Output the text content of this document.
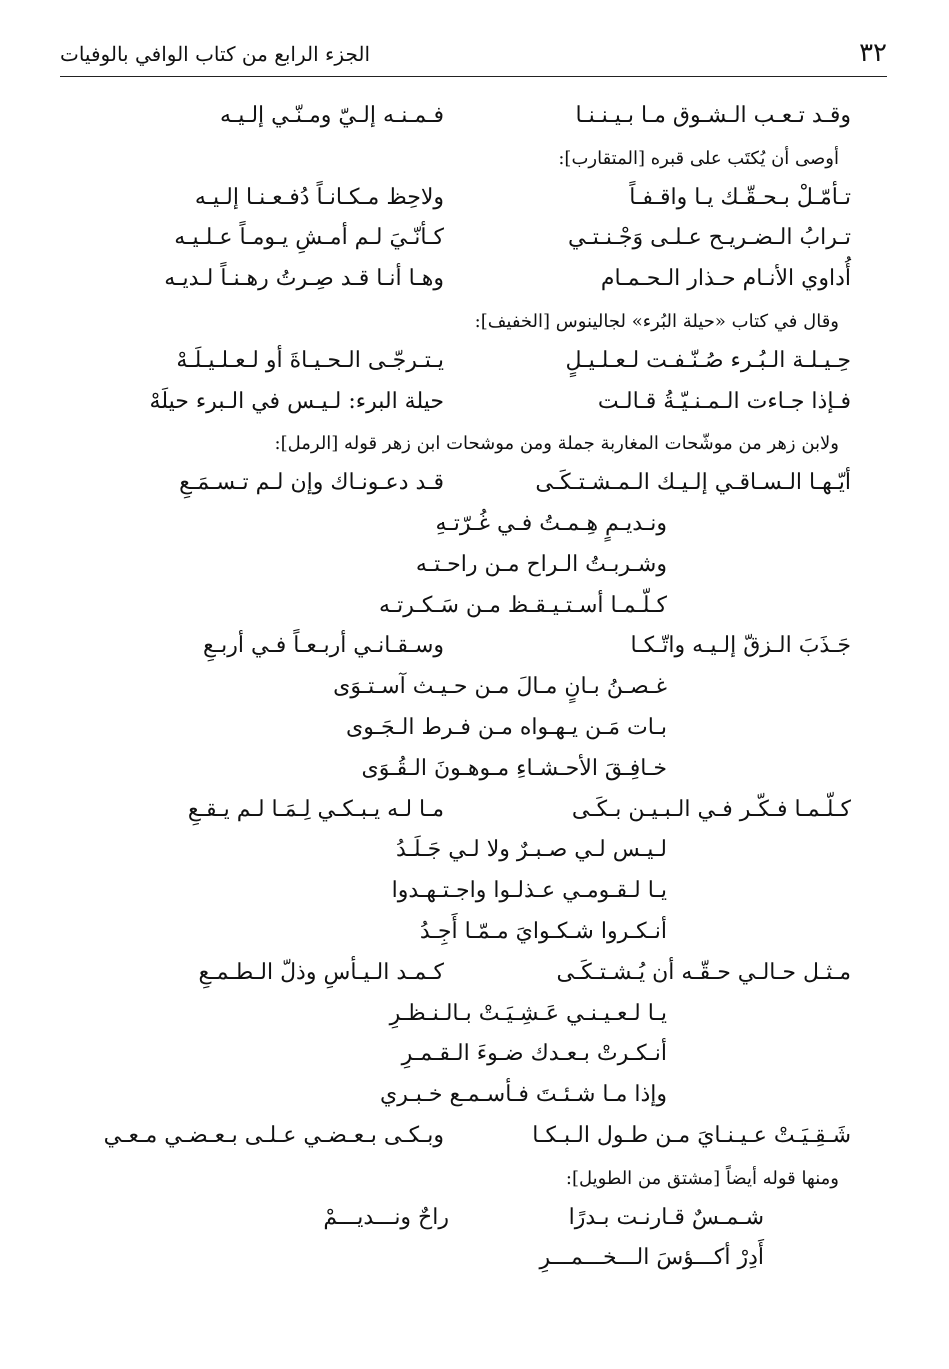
٣٢
الجزء الرابع من كتاب الوافي بالوفيات
وقـد تـعـب الـشـوق مـا بـيـنـنـا
فـمـنـه إلـيّ ومـنّـي إلـيـه
أوصى أن يُكتَب على قبره [المتقارب]:
تـأمّـلْ بـحـقّـك يـا واقـفـاً
ولاحِظ مـكـانـاً دُفـعـنـا إلـيـه
تـرابُ الـضـريـح عـلـى وَجْـنـتـي
كـأنّـيَ لـم أمـشِ يـومـاً عـلـيـه
أُداوي الأنـام حـذار الـحـمـام
وهـا أنـا قـد صِـرتُ رهـنـاً لـديـه
وقال في كتاب «حيلة البُرء» لجالينوس [الخفيف]:
حِـيـلـة الـبُـرء صُـنّـفـت لـعـلـيـلٍ
يـتـرجّـى الـحـيـاةَ أو لـعـلـيـلَـهْ
فـإذا جـاءت الـمـنـيّـةُ قـالـت
حيلة البرء: لـيـس في الـبرء حيلَهْ
ولابن زهر من موشّحات المغاربة جملة ومن موشحات ابن زهر قوله [الرمل]:
أيّـهـا الـسـاقـي إلـيـك الـمـشـتـكَـى
قـد دعـونـاك وإن لـم تـسـمَـعِ
ونـديـمٍ هِـمـتُ فـي غُـرّتـهِ
وشـربـتُ الـراح مـن راحـتـه
كـلّـمـا أسـتـيـقـظ مـن سَـكـرتـه
جَـذَبَ الـزقّ إلـيـه واتّـكـا
وسـقـانـي أربـعـاً فـي أربـعِ
غـصـنُ بـانٍ مـالَ مـن حـيـث آسـتـوَى
بـات مَـن يـهـواه مـن فـرط الـجَـوى
خـافِـقَ الأحـشـاءِ مـوهـونَ الـقُـوَى
كـلّـمـا فـكّـر فـي الـبـيـن بـكَـى
مـا لـه يـبـكـي لِـمَـا لـم يـقـعِ
لـيـس لـي صـبـرٌ ولا لـي جَـلَـدُ
يـا لـقـومـي عـذلـوا واجـتـهـدوا
أنـكـروا شـكـوايَ مـمّـا أَجِـدُ
مـثـل حـالـي حـقّـه أن يُـشـتـكَـى
كـمـد الـيـأسِ وذلّ الـطـمـعِ
يـا لـعـيـنـي عَـشِـيَـتْ بـالـنـظـرِ
أنـكـرتْ بـعـدك ضـوءَ الـقـمـرِ
وإذا مـا شـئـتَ فـأسـمـع خـبـري
شَـقِـيَـتْ عـيـنـايَ مـن طـول الـبـكـا
وبـكـى بـعـضـي عـلـى بـعـضـي مـعـي
ومنها قوله أيضاً [مشتق من الطويل]:
شـمـسٌ قـارنـت بـدرًا
راحٌ ونـــديـــمْ
أَدِرْ أكـــؤسَ الـــخـــمـــرِ
